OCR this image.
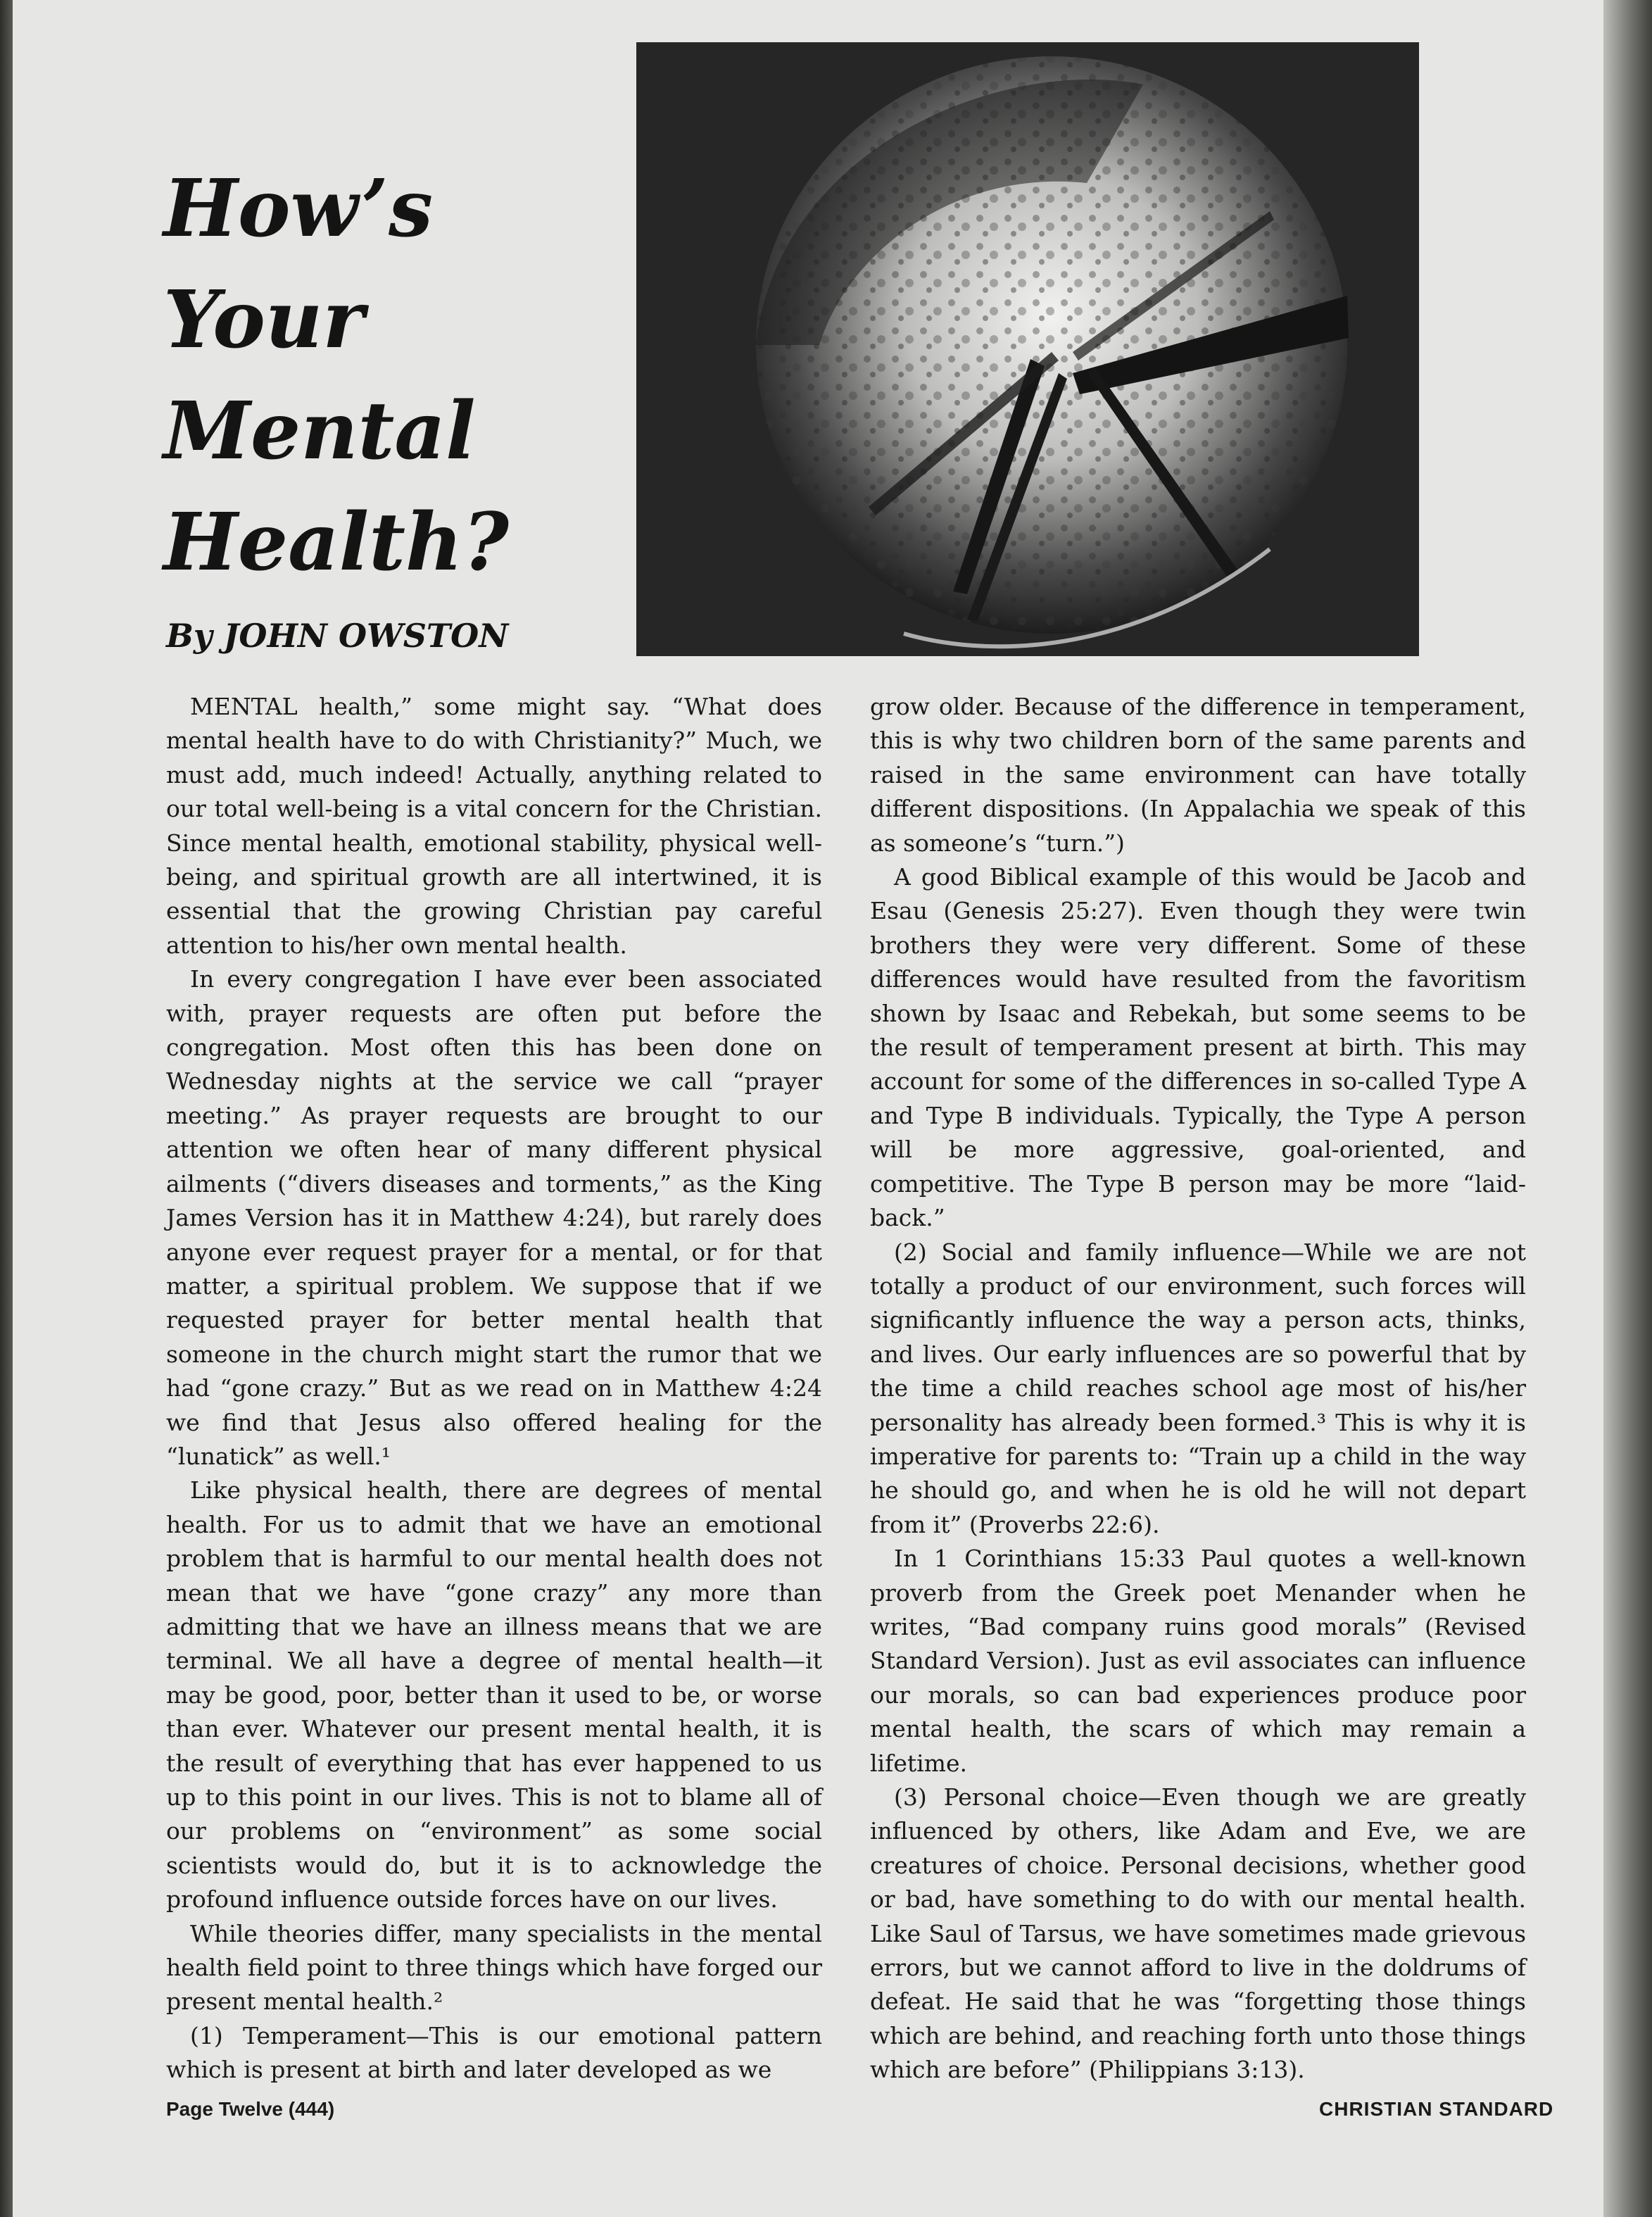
How’s
Your
Mental
Health?
By JOHN OWSTON

MENTAL health,” some might say. “What does mental health have to do with Christianity?” Much, we must add, much indeed! Actually, anything related to our total well-being is a vital concern for the Christian. Since mental health, emotional stability, physical well-being, and spiritual growth are all intertwined, it is essential that the growing Christian pay careful attention to his/her own mental health.

In every congregation I have ever been associated with, prayer requests are often put before the congregation. Most often this has been done on Wednesday nights at the service we call “prayer meeting.” As prayer requests are brought to our attention we often hear of many different physical ailments (“divers diseases and torments,” as the King James Version has it in Matthew 4:24), but rarely does anyone ever request prayer for a mental, or for that matter, a spiritual problem. We suppose that if we requested prayer for better mental health that someone in the church might start the rumor that we had “gone crazy.” But as we read on in Matthew 4:24 we find that Jesus also offered healing for the “lunatick” as well.¹

Like physical health, there are degrees of mental health. For us to admit that we have an emotional problem that is harmful to our mental health does not mean that we have “gone crazy” any more than admitting that we have an illness means that we are terminal. We all have a degree of mental health—it may be good, poor, better than it used to be, or worse than ever. Whatever our present mental health, it is the result of everything that has ever happened to us up to this point in our lives. This is not to blame all of our problems on “environment” as some social scientists would do, but it is to acknowledge the profound influence outside forces have on our lives.

While theories differ, many specialists in the mental health field point to three things which have forged our present mental health.²

(1) Temperament—This is our emotional pattern which is present at birth and later developed as we

grow older. Because of the difference in temperament, this is why two children born of the same parents and raised in the same environment can have totally different dispositions. (In Appalachia we speak of this as someone’s “turn.”)

A good Biblical example of this would be Jacob and Esau (Genesis 25:27). Even though they were twin brothers they were very different. Some of these differences would have resulted from the favoritism shown by Isaac and Rebekah, but some seems to be the result of temperament present at birth. This may account for some of the differences in so-called Type A and Type B individuals. Typically, the Type A person will be more aggressive, goal-oriented, and competitive. The Type B person may be more “laid-back.”

(2) Social and family influence—While we are not totally a product of our environment, such forces will significantly influence the way a person acts, thinks, and lives. Our early influences are so powerful that by the time a child reaches school age most of his/her personality has already been formed.³ This is why it is imperative for parents to: “Train up a child in the way he should go, and when he is old he will not depart from it” (Proverbs 22:6).

In 1 Corinthians 15:33 Paul quotes a well-known proverb from the Greek poet Menander when he writes, “Bad company ruins good morals” (Revised Standard Version). Just as evil associates can influence our morals, so can bad experiences produce poor mental health, the scars of which may remain a lifetime.

(3) Personal choice—Even though we are greatly influenced by others, like Adam and Eve, we are creatures of choice. Personal decisions, whether good or bad, have something to do with our mental health. Like Saul of Tarsus, we have sometimes made grievous errors, but we cannot afford to live in the doldrums of defeat. He said that he was “forgetting those things which are behind, and reaching forth unto those things which are before” (Philippians 3:13).

Page Twelve (444)	CHRISTIAN STANDARD
